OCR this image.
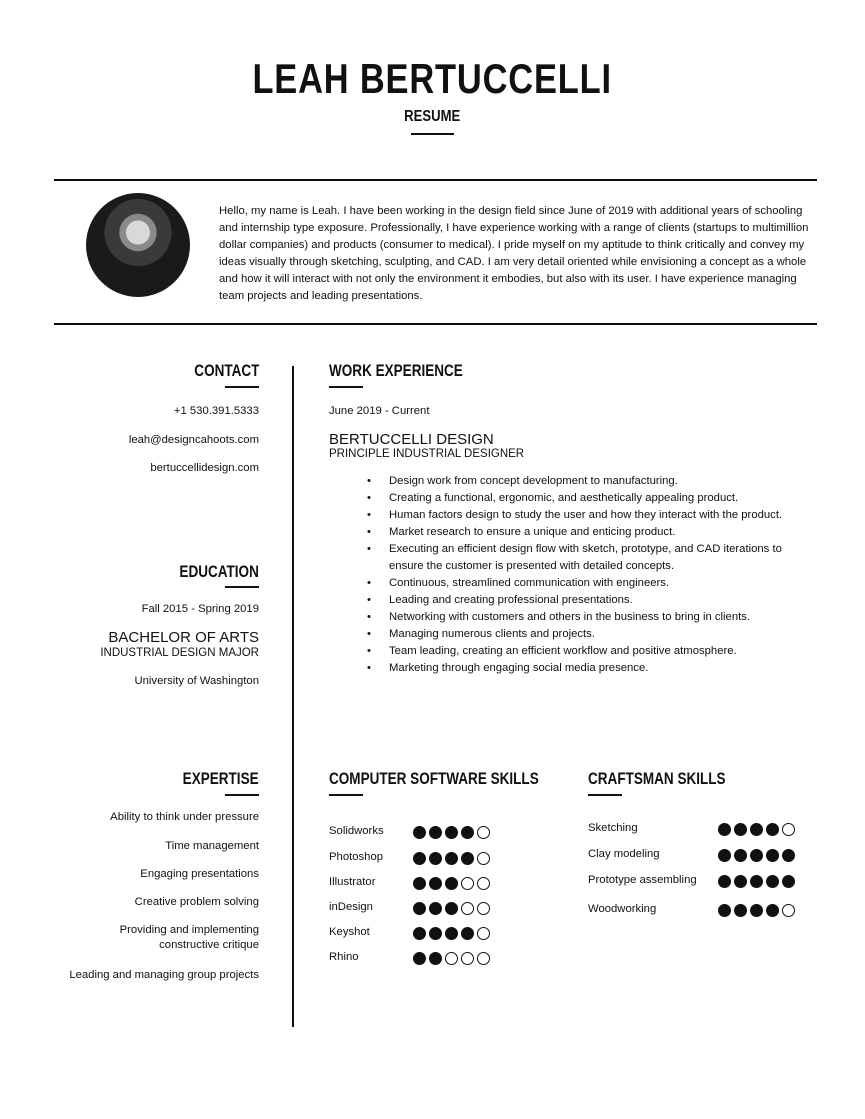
LEAH BERTUCCELLI
RESUME
Hello, my name is Leah. I have been working in the design field since June of 2019 with additional years of schooling and internship type exposure. Professionally, I have experience working with a range of clients (startups to multimillion dollar companies) and products (consumer to medical). I pride myself on my aptitude to think critically and convey my ideas visually through sketching, sculpting, and CAD. I am very detail oriented while envisioning a concept as a whole and how it will interact with not only the environment it embodies, but also with its user. I have experience managing team projects and leading presentations.
CONTACT
+1 530.391.5333
leah@designcahoots.com
bertuccellidesign.com
EDUCATION
Fall 2015 - Spring 2019
BACHELOR OF ARTS
INDUSTRIAL DESIGN MAJOR
University of Washington
EXPERTISE
Ability to think under pressure
Time management
Engaging presentations
Creative problem solving
Providing and implementing
constructive critique
Leading and managing group projects
WORK EXPERIENCE
June 2019 - Current
BERTUCCELLI DESIGN
PRINCIPLE INDUSTRIAL DESIGNER
• Design work from concept development to manufacturing.
• Creating a functional, ergonomic, and aesthetically appealing product.
• Human factors design to study the user and how they interact with the product.
• Market research to ensure a unique and enticing product.
• Executing an efficient design flow with sketch, prototype, and CAD iterations to ensure the customer is presented with detailed concepts.
• Continuous, streamlined communication with engineers.
• Leading and creating professional presentations.
• Networking with customers and others in the business to bring in clients.
• Managing numerous clients and projects.
• Team leading, creating an efficient workflow and positive atmosphere.
• Marketing through engaging social media presence.
COMPUTER SOFTWARE SKILLS
Solidworks
Photoshop
Illustrator
inDesign
Keyshot
Rhino
CRAFTSMAN SKILLS
Sketching
Clay modeling
Prototype assembling
Woodworking
